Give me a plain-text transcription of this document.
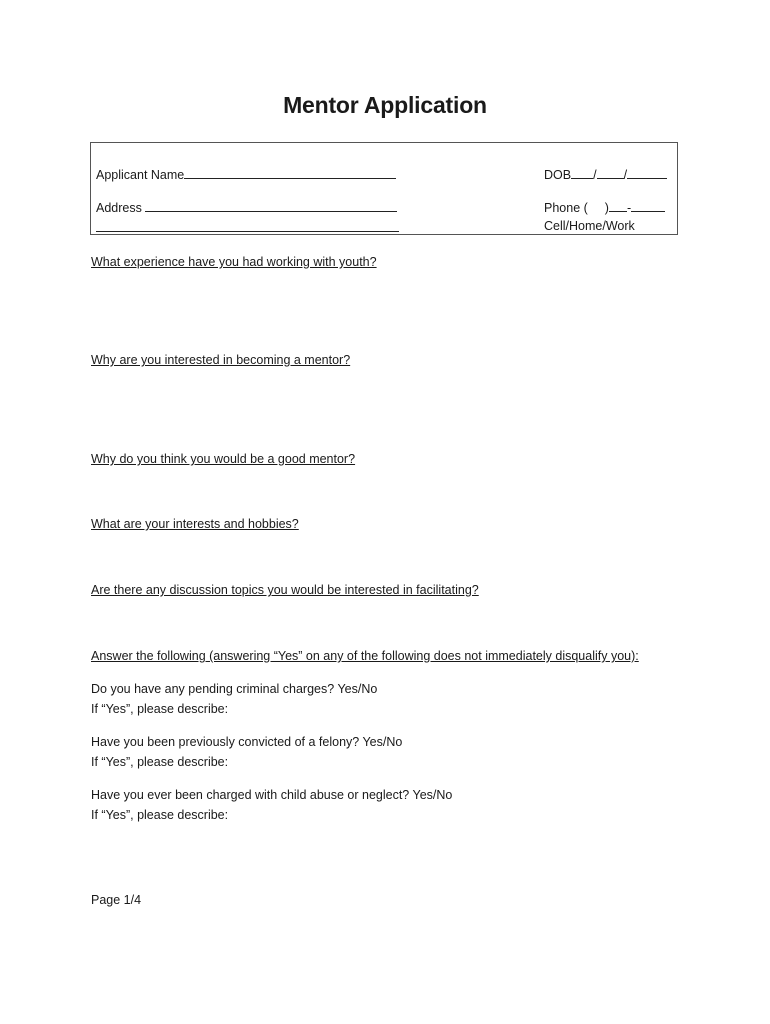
Mentor Application
Applicant Name	DOB / /
Address	Phone ( ) -
Cell/Home/Work
What experience have you had working with youth?
Why are you interested in becoming a mentor?
Why do you think you would be a good mentor?
What are your interests and hobbies?
Are there any discussion topics you would be interested in facilitating?
Answer the following (answering “Yes” on any of the following does not immediately disqualify you):
Do you have any pending criminal charges? Yes/No
If “Yes”, please describe:
Have you been previously convicted of a felony? Yes/No
If “Yes”, please describe:
Have you ever been charged with child abuse or neglect? Yes/No
If “Yes”, please describe:
Page 1/4
